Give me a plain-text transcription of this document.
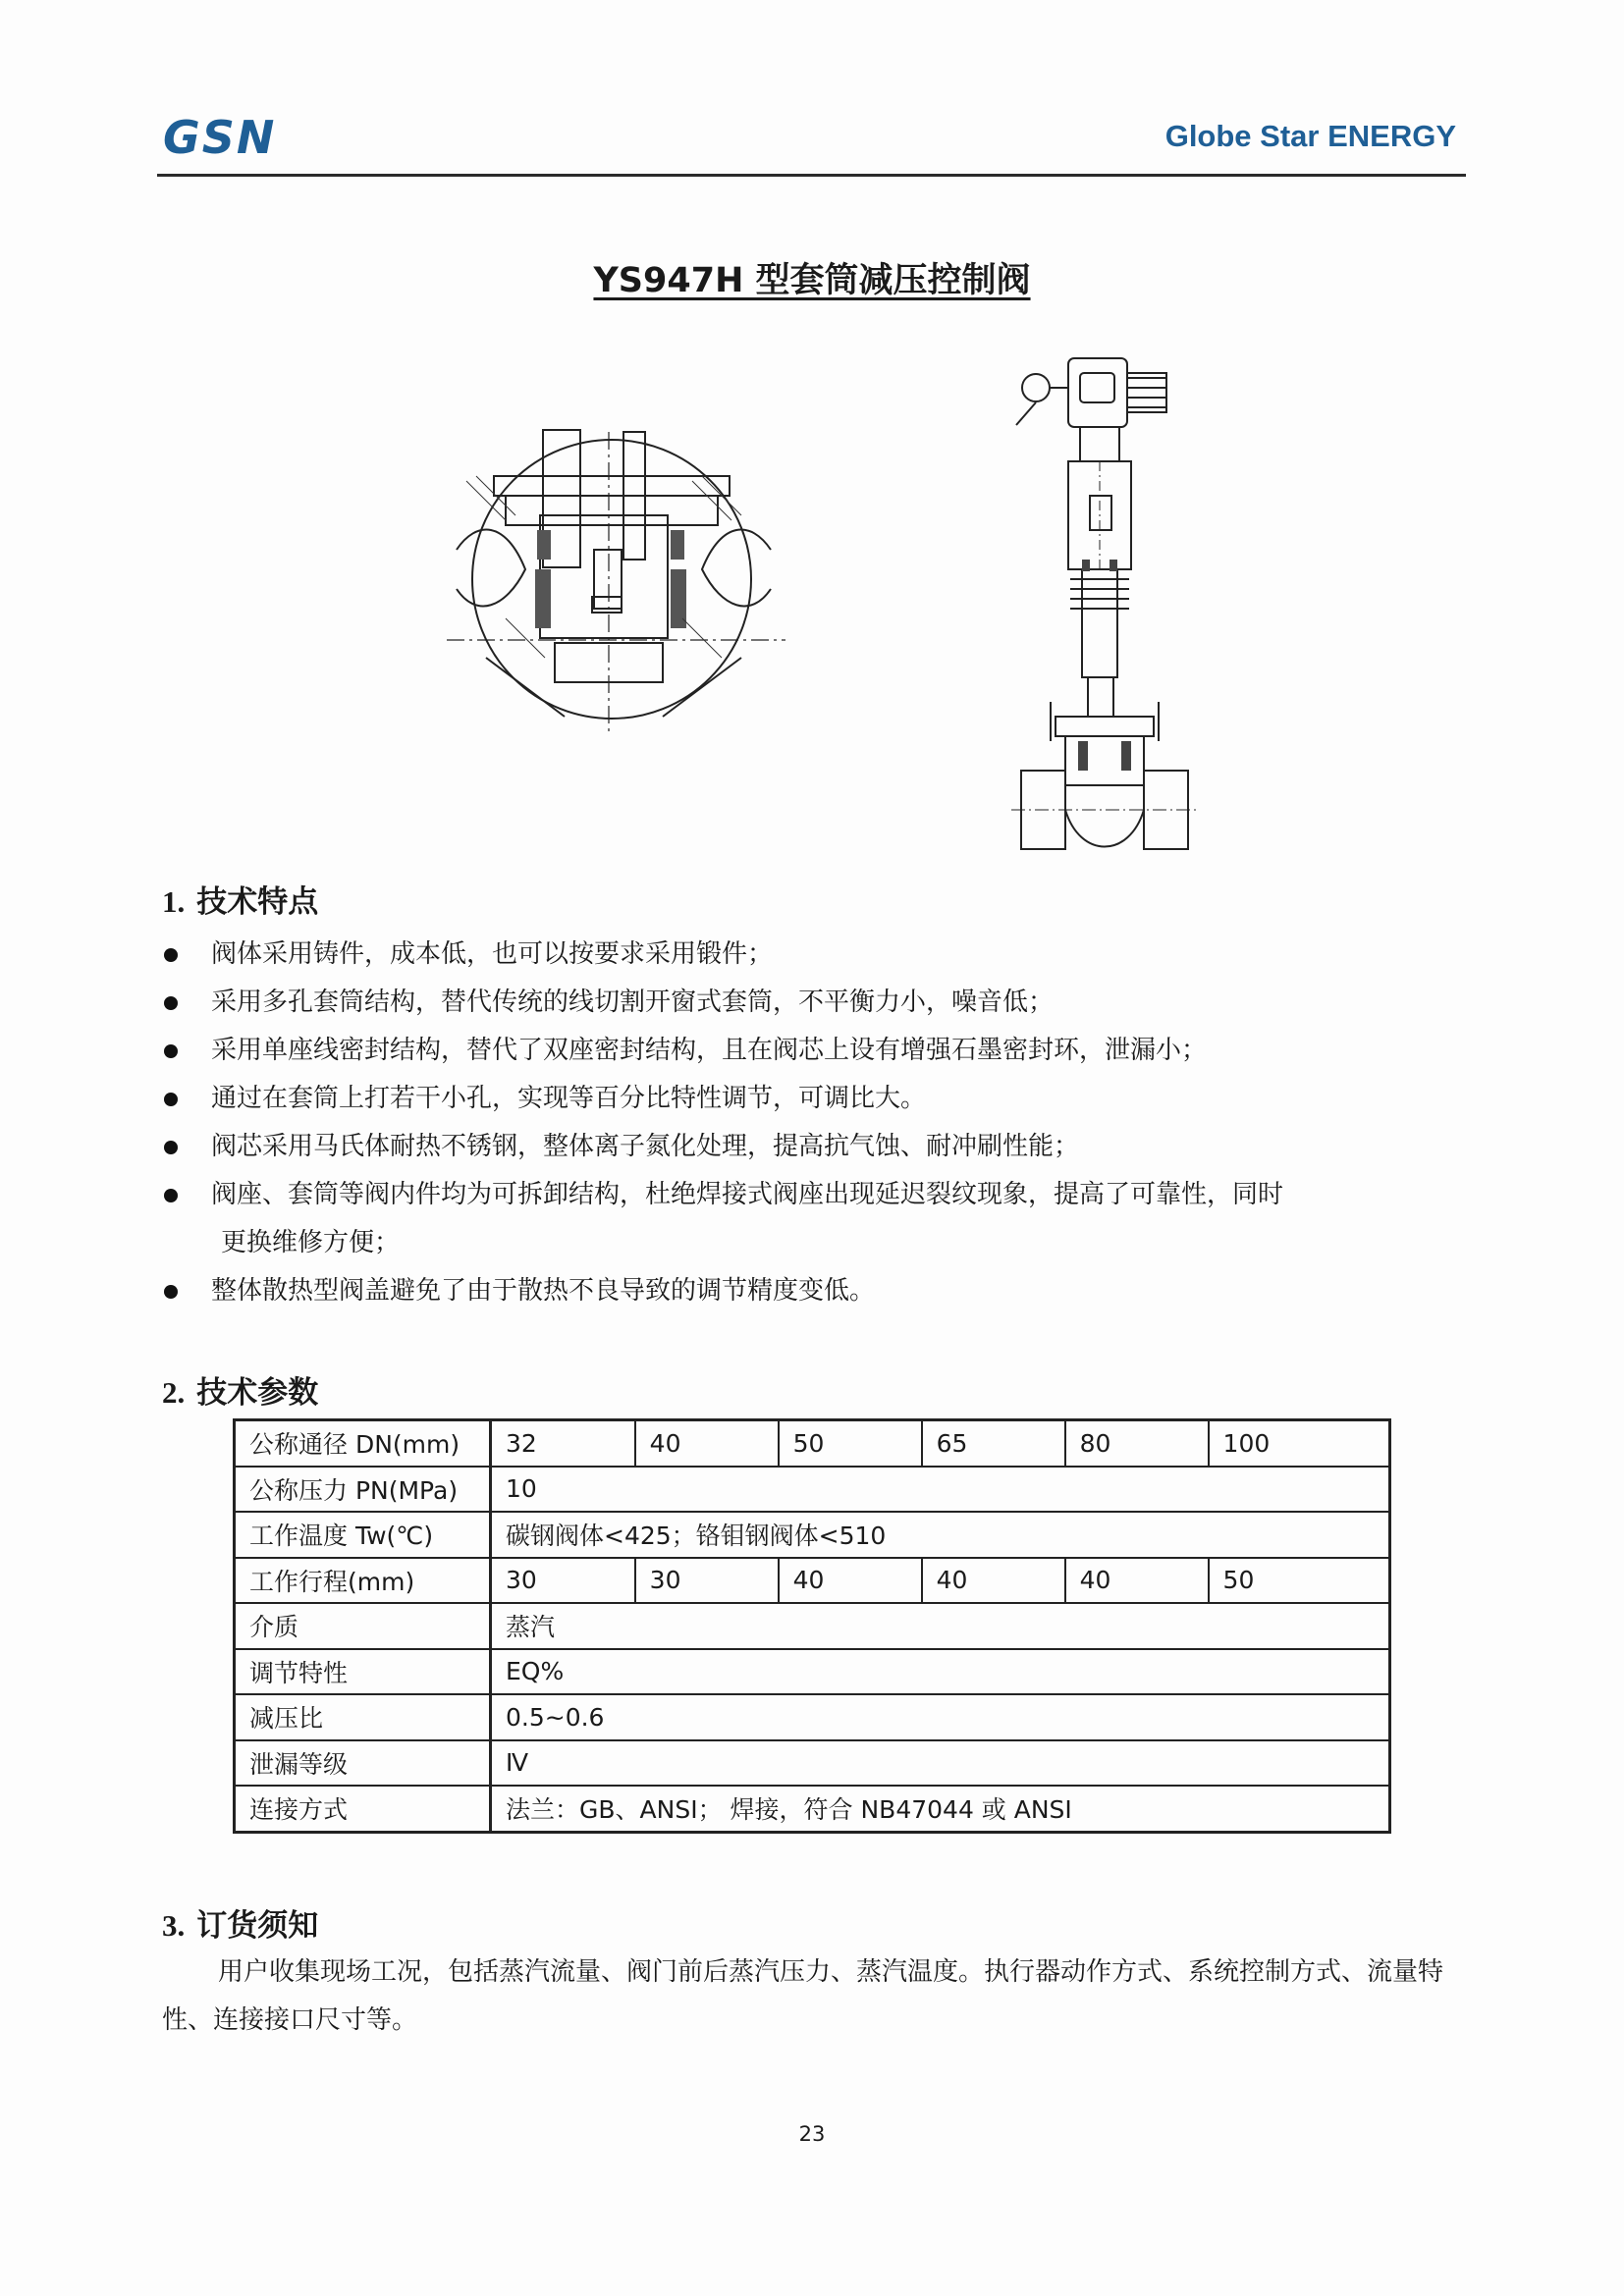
GSN	Globe Star ENERGY
YS947H 型套筒减压控制阀
1. 技术特点
阀体采用铸件，成本低，也可以按要求采用锻件；
采用多孔套筒结构，替代传统的线切割开窗式套筒，不平衡力小，噪音低；
采用单座线密封结构，替代了双座密封结构，且在阀芯上设有增强石墨密封环，泄漏小；
通过在套筒上打若干小孔，实现等百分比特性调节，可调比大。
阀芯采用马氏体耐热不锈钢，整体离子氮化处理，提高抗气蚀、耐冲刷性能；
阀座、套筒等阀内件均为可拆卸结构，杜绝焊接式阀座出现延迟裂纹现象，提高了可靠性，同时
更换维修方便；
整体散热型阀盖避免了由于散热不良导致的调节精度变低。
2. 技术参数
公称通径 DN(mm)	32	40	50	65	80	100
公称压力 PN(MPa)	10					
工作温度 Tw(℃)	碳钢阀体<425；铬钼钢阀体<510					
工作行程(mm)	30	30	40	40	40	50
介质	蒸汽					
调节特性	EQ%					
减压比	0.5~0.6					
泄漏等级	Ⅳ					
连接方式	法兰：GB、ANSI； 焊接，符合 NB47044 或 ANSI					
3. 订货须知
用户收集现场工况，包括蒸汽流量、阀门前后蒸汽压力、蒸汽温度。执行器动作方式、系统控制方式、流量特性、连接接口尺寸等。
23
